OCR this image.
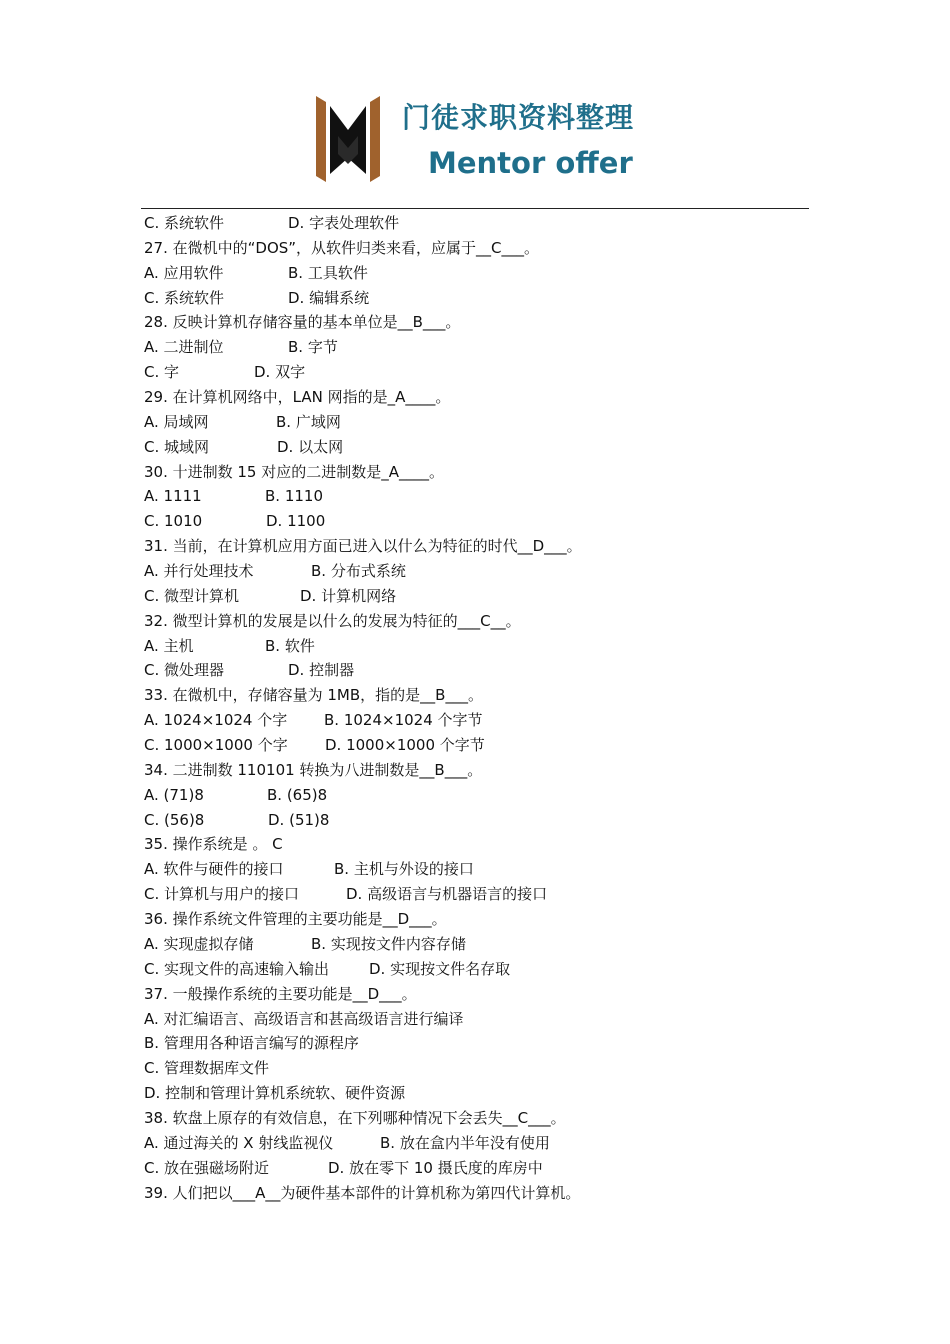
门徒求职资料整理
Mentor offer
C. 系统软件	D. 字表处理软件
27. 在微机中的“DOS”，从软件归类来看，应属于__C___。
A. 应用软件	B. 工具软件
C. 系统软件	D. 编辑系统
28. 反映计算机存储容量的基本单位是__B___。
A. 二进制位	B. 字节
C. 字	D. 双字
29. 在计算机网络中，LAN 网指的是_A____。
A. 局域网	B. 广域网
C. 城域网	D. 以太网
30. 十进制数 15 对应的二进制数是_A____。
A. 1111	B. 1110
C. 1010	D. 1100
31. 当前，在计算机应用方面已进入以什么为特征的时代__D___。
A. 并行处理技术	B. 分布式系统
C. 微型计算机	D. 计算机网络
32. 微型计算机的发展是以什么的发展为特征的___C__。
A. 主机	B. 软件
C. 微处理器	D. 控制器
33. 在微机中，存储容量为 1MB，指的是__B___。
A. 1024×1024 个字 B. 1024×1024 个字节
C. 1000×1000 个字 D. 1000×1000 个字节
34. 二进制数 110101 转换为八进制数是__B___。
A. (71)8	B. (65)8
C. (56)8	D. (51)8
35. 操作系统是 。 C
A. 软件与硬件的接口	B. 主机与外设的接口
C. 计算机与用户的接口	D. 高级语言与机器语言的接口
36. 操作系统文件管理的主要功能是__D___。
A. 实现虚拟存储	B. 实现按文件内容存储
C. 实现文件的高速输入输出	D. 实现按文件名存取
37. 一般操作系统的主要功能是__D___。
A. 对汇编语言、高级语言和甚高级语言进行编译
B. 管理用各种语言编写的源程序
C. 管理数据库文件
D. 控制和管理计算机系统软、硬件资源
38. 软盘上原存的有效信息，在下列哪种情况下会丢失__C___。
A. 通过海关的 X 射线监视仪	B. 放在盒内半年没有使用
C. 放在强磁场附近	D. 放在零下 10 摄氏度的库房中
39. 人们把以___A__为硬件基本部件的计算机称为第四代计算机。
